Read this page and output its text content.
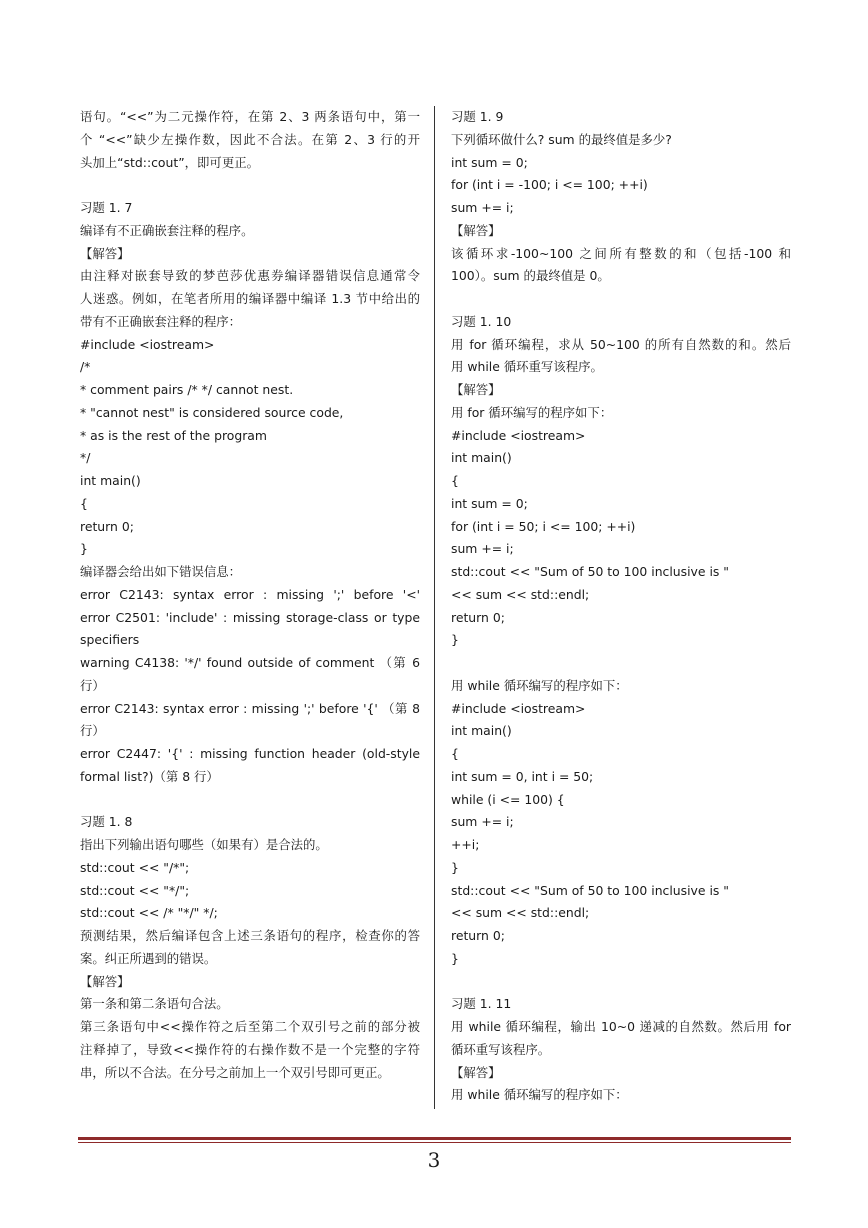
语句。“<<”为二元操作符，在第 2、3 两条语句中，第一
个 “<<”缺少左操作数，因此不合法。在第 2、3 行的开
头加上“std::cout”，即可更正。
习题 1. 7
编译有不正确嵌套注释的程序。
【解答】
由注释对嵌套导致的梦芭莎优惠券编译器错误信息通常令
人迷惑。例如，在笔者所用的编译器中编译 1.3 节中给出的
带有不正确嵌套注释的程序：
#include <iostream>
/*
* comment pairs /* */ cannot nest.
* "cannot nest" is considered source code,
* as is the rest of the program
*/
int main()
{
return 0;
}
编译器会给出如下错误信息：
error C2143: syntax error : missing ';' before '<'
error C2501: 'include' : missing storage-class or type
specifiers
warning C4138: '*/' found outside of comment （第 6
行）
error C2143: syntax error : missing ';' before '{' （第 8
行）
error C2447: '{' : missing function header (old-style
formal list?)（第 8 行）
习题 1. 8
指出下列输出语句哪些（如果有）是合法的。
std::cout << "/*";
std::cout << "*/";
std::cout << /* "*/" */;
预测结果，然后编译包含上述三条语句的程序，检查你的答
案。纠正所遇到的错误。
【解答】
第一条和第二条语句合法。
第三条语句中<<操作符之后至第二个双引号之前的部分被
注释掉了，导致<<操作符的右操作数不是一个完整的字符
串，所以不合法。在分号之前加上一个双引号即可更正。
习题 1. 9
下列循环做什么? sum 的最终值是多少?
int sum = 0;
for (int i = -100; i <= 100; ++i)
sum += i;
【解答】
该循环求-100~100 之间所有整数的和（包括-100 和
100）。sum 的最终值是 0。
习题 1. 10
用 for 循环编程，求从 50~100 的所有自然数的和。然后
用 while 循环重写该程序。
【解答】
用 for 循环编写的程序如下：
#include <iostream>
int main()
{
int sum = 0;
for (int i = 50; i <= 100; ++i)
sum += i;
std::cout << "Sum of 50 to 100 inclusive is "
<< sum << std::endl;
return 0;
}
用 while 循环编写的程序如下：
#include <iostream>
int main()
{
int sum = 0, int i = 50;
while (i <= 100) {
sum += i;
++i;
}
std::cout << "Sum of 50 to 100 inclusive is "
<< sum << std::endl;
return 0;
}
习题 1. 11
用 while 循环编程，输出 10~0 递减的自然数。然后用 for
循环重写该程序。
【解答】
用 while 循环编写的程序如下：
3
